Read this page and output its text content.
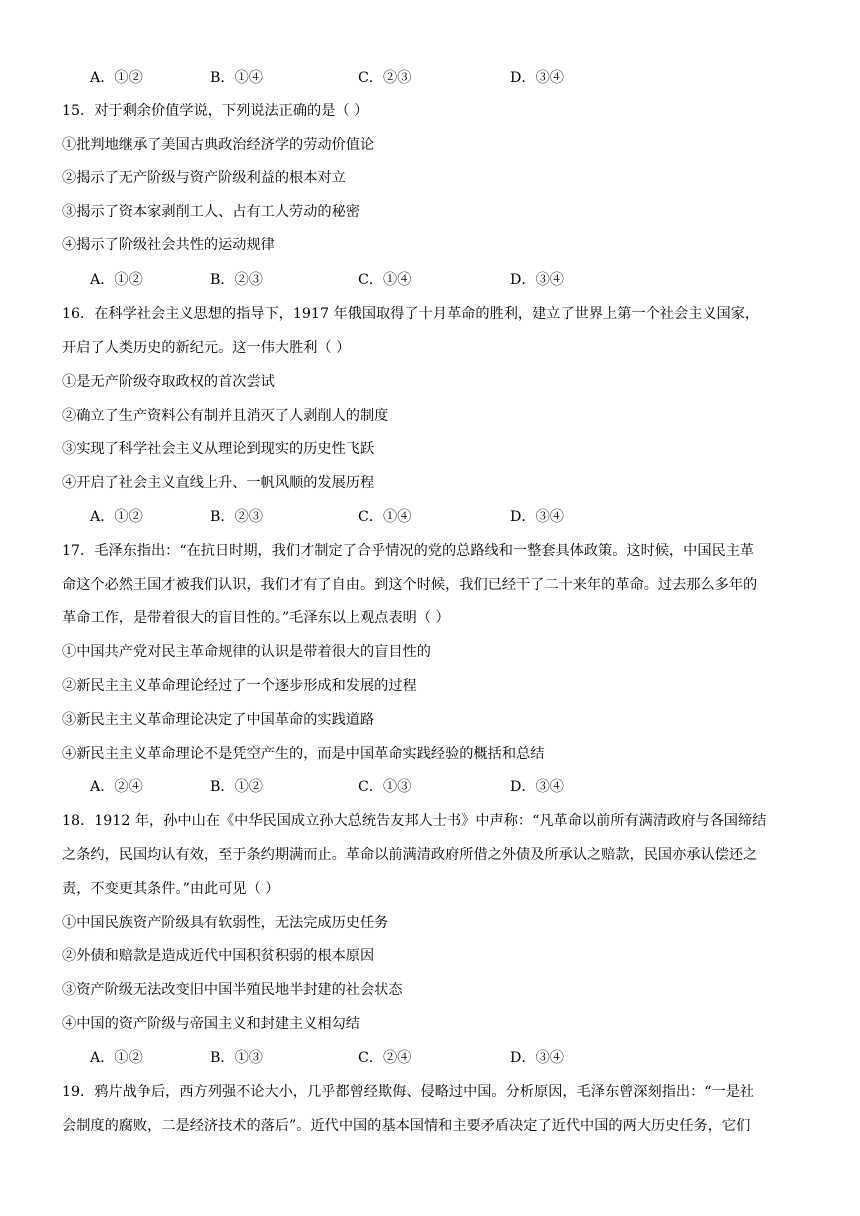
A．①②	B．①④	C．②③	D．③④
15．对于剩余价值学说，下列说法正确的是（ ）
①批判地继承了美国古典政治经济学的劳动价值论
②揭示了无产阶级与资产阶级利益的根本对立
③揭示了资本家剥削工人、占有工人劳动的秘密
④揭示了阶级社会共性的运动规律
A．①②	B．②③	C．①④	D．③④
16．在科学社会主义思想的指导下，1917 年俄国取得了十月革命的胜利，建立了世界上第一个社会主义国家，
开启了人类历史的新纪元。这一伟大胜利（ ）
①是无产阶级夺取政权的首次尝试
②确立了生产资料公有制并且消灭了人剥削人的制度
③实现了科学社会主义从理论到现实的历史性飞跃
④开启了社会主义直线上升、一帆风顺的发展历程
A．①②	B．②③	C．①④	D．③④
17．毛泽东指出：“在抗日时期，我们才制定了合乎情况的党的总路线和一整套具体政策。这时候，中国民主革
命这个必然王国才被我们认识，我们才有了自由。到这个时候，我们已经干了二十来年的革命。过去那么多年的
革命工作，是带着很大的盲目性的。”毛泽东以上观点表明（ ）
①中国共产党对民主革命规律的认识是带着很大的盲目性的
②新民主主义革命理论经过了一个逐步形成和发展的过程
③新民主主义革命理论决定了中国革命的实践道路
④新民主主义革命理论不是凭空产生的，而是中国革命实践经验的概括和总结
A．②④	B．①②	C．①③	D．③④
18．1912 年，孙中山在《中华民国成立孙大总统告友邦人士书》中声称：“凡革命以前所有满清政府与各国缔结
之条约，民国均认有效，至于条约期满而止。革命以前满清政府所借之外债及所承认之赔款，民国亦承认偿还之
责，不变更其条件。”由此可见（ ）
①中国民族资产阶级具有软弱性，无法完成历史任务
②外债和赔款是造成近代中国积贫积弱的根本原因
③资产阶级无法改变旧中国半殖民地半封建的社会状态
④中国的资产阶级与帝国主义和封建主义相勾结
A．①②	B．①③	C．②④	D．③④
19．鸦片战争后，西方列强不论大小，几乎都曾经欺侮、侵略过中国。分析原因，毛泽东曾深刻指出：“一是社
会制度的腐败，二是经济技术的落后”。近代中国的基本国情和主要矛盾决定了近代中国的两大历史任务，它们
